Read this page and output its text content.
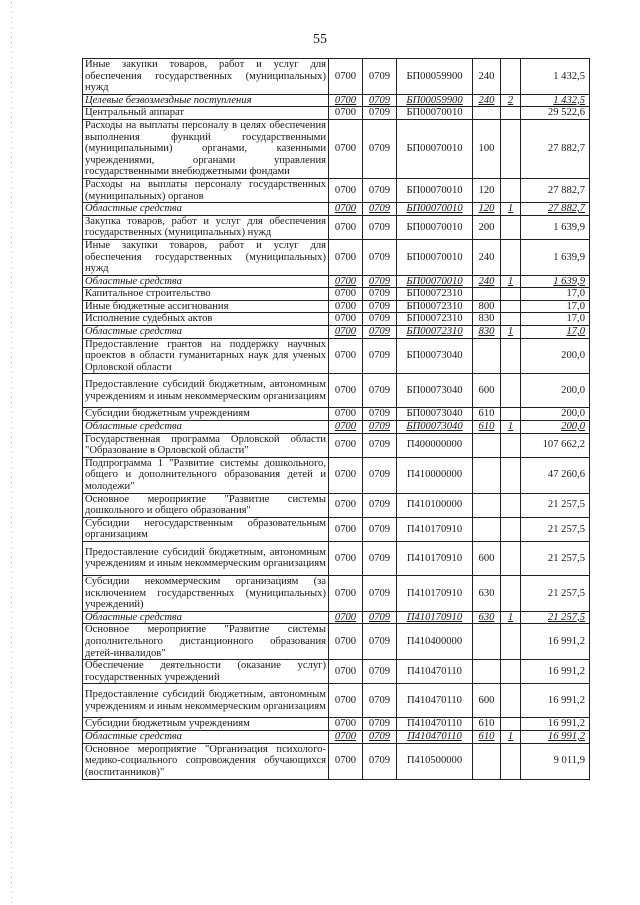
55
Иные закупки товаров, работ и услуг для обеспечения государственных (муниципальных) нужд	0700	0709	БП00059900	240		1 432,5
Целевые безвозмездные поступления	0700	0709	БП00059900	240	2	1 432,5
Центральный аппарат	0700	0709	БП00070010			29 522,6
Расходы на выплаты персоналу в целях обеспечения выполнения функций государственными (муниципальными) органами, казенными учреждениями, органами управления государственными внебюджетными фондами	0700	0709	БП00070010	100		27 882,7
Расходы на выплаты персоналу государственных (муниципальных) органов	0700	0709	БП00070010	120		27 882,7
Областные средства	0700	0709	БП00070010	120	1	27 882,7
Закупка товаров, работ и услуг для обеспечения государственных (муниципальных) нужд	0700	0709	БП00070010	200		1 639,9
Иные закупки товаров, работ и услуг для обеспечения государственных (муниципальных) нужд	0700	0709	БП00070010	240		1 639,9
Областные средства	0700	0709	БП00070010	240	1	1 639,9
Капитальное строительство	0700	0709	БП00072310			17,0
Иные бюджетные ассигнования	0700	0709	БП00072310	800		17,0
Исполнение судебных актов	0700	0709	БП00072310	830		17,0
Областные средства	0700	0709	БП00072310	830	1	17,0
Предоставление грантов на поддержку научных проектов в области гуманитарных наук для ученых Орловской области	0700	0709	БП00073040			200,0
Предоставление субсидий бюджетным, автономным учреждениям и иным некоммерческим организациям	0700	0709	БП00073040	600		200,0
Субсидии бюджетным учреждениям	0700	0709	БП00073040	610		200,0
Областные средства	0700	0709	БП00073040	610	1	200,0
Государственная программа Орловской области "Образование в Орловской области"	0700	0709	П400000000			107 662,2
Подпрограмма 1 "Развитие системы дошкольного, общего и дополнительного образования детей и молодежи"	0700	0709	П410000000			47 260,6
Основное мероприятие "Развитие системы дошкольного и общего образования"	0700	0709	П410100000			21 257,5
Субсидии негосударственным образовательным организациям	0700	0709	П410170910			21 257,5
Предоставление субсидий бюджетным, автономным учреждениям и иным некоммерческим организациям	0700	0709	П410170910	600		21 257,5
Субсидии некоммерческим организациям (за исключением государственных (муниципальных) учреждений)	0700	0709	П410170910	630		21 257,5
Областные средства	0700	0709	П410170910	630	1	21 257,5
Основное мероприятие "Развитие системы дополнительного дистанционного образования детей-инвалидов"	0700	0709	П410400000			16 991,2
Обеспечение деятельности (оказание услуг) государственных учреждений	0700	0709	П410470110			16 991,2
Предоставление субсидий бюджетным, автономным учреждениям и иным некоммерческим организациям	0700	0709	П410470110	600		16 991,2
Субсидии бюджетным учреждениям	0700	0709	П410470110	610		16 991,2
Областные средства	0700	0709	П410470110	610	1	16 991,2
Основное мероприятие "Организация психолого-медико-социального сопровождения обучающихся (воспитанников)"	0700	0709	П410500000			9 011,9
